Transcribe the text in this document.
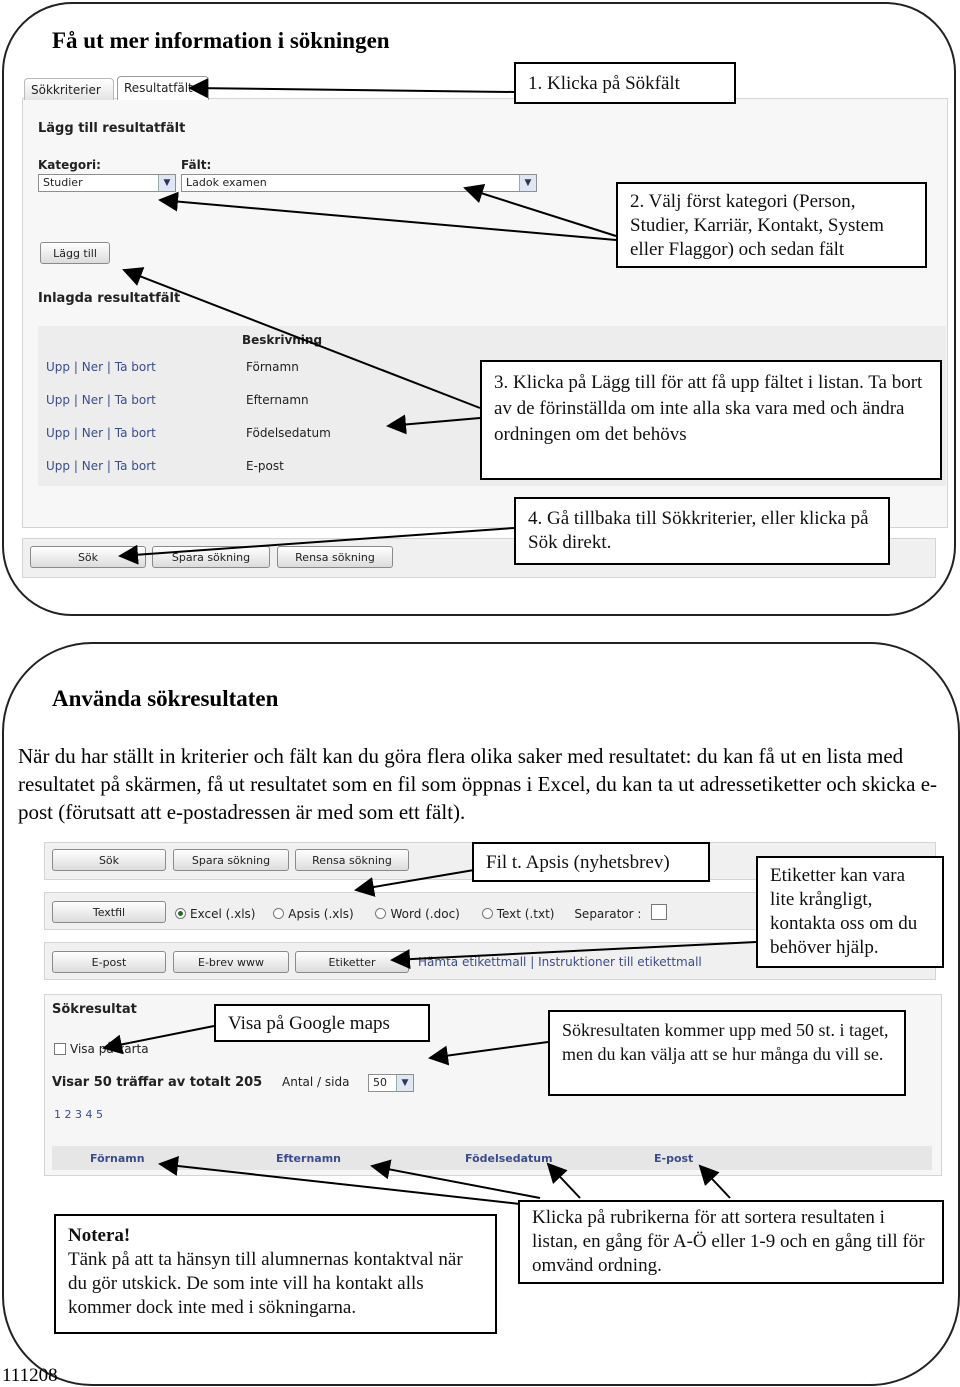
Få ut mer information i sökningen
Sökkriterier	Resultatfält
Lägg till resultatfält
Kategori:
Studier	▼
Fält:
Ladok examen	▼
Lägg till
Inlagda resultatfält
Beskrivning
Upp | Ner | Ta bort	Förnamn
Upp | Ner | Ta bort	Efternamn
Upp | Ner | Ta bort	Födelsedatum
Upp | Ner | Ta bort	E-post
Sök	Spara sökning	Rensa sökning
1. Klicka på Sökfält
2. Välj först kategori (Person, Studier, Karriär, Kontakt, System eller Flaggor) och sedan fält
3. Klicka på Lägg till för att få upp fältet i listan. Ta bort av de förinställda om inte alla ska vara med och ändra ordningen om det behövs
4. Gå tillbaka till Sökkriterier, eller klicka på Sök direkt.
Använda sökresultaten
När du har ställt in kriterier och fält kan du göra flera olika saker med resultatet: du kan få ut en lista med resultatet på skärmen, få ut resultatet som en fil som öppnas i Excel, du kan ta ut adressetiketter och skicka e-post (förutsatt att e-postadressen är med som ett fält).
Sök	Spara sökning	Rensa sökning
Textfil	Excel (.xls)	Apsis (.xls)	Word (.doc)	Text (.txt) Separator :
E-post	E-brev www	Etiketter	Hämta etikettmall | Instruktioner till etikettmall
Sökresultat
Visa på karta
Visar 50 träffar av totalt 205 Antal / sida	50	▼
1 2 3 4 5
Förnamn	Efternamn	Födelsedatum	E-post
Fil t. Apsis (nyhetsbrev)
Etiketter kan vara lite krångligt, kontakta oss om du behöver hjälp.
Visa på Google maps	Sökresultaten kommer upp med 50 st. i taget, men du kan välja att se hur många du vill se.
Notera!
Tänk på att ta hänsyn till alumnernas kontaktval när du gör utskick. De som inte vill ha kontakt alls kommer dock inte med i sökningarna.
Klicka på rubrikerna för att sortera resultaten i listan, en gång för A-Ö eller 1-9 och en gång till för omvänd ordning.
111208
